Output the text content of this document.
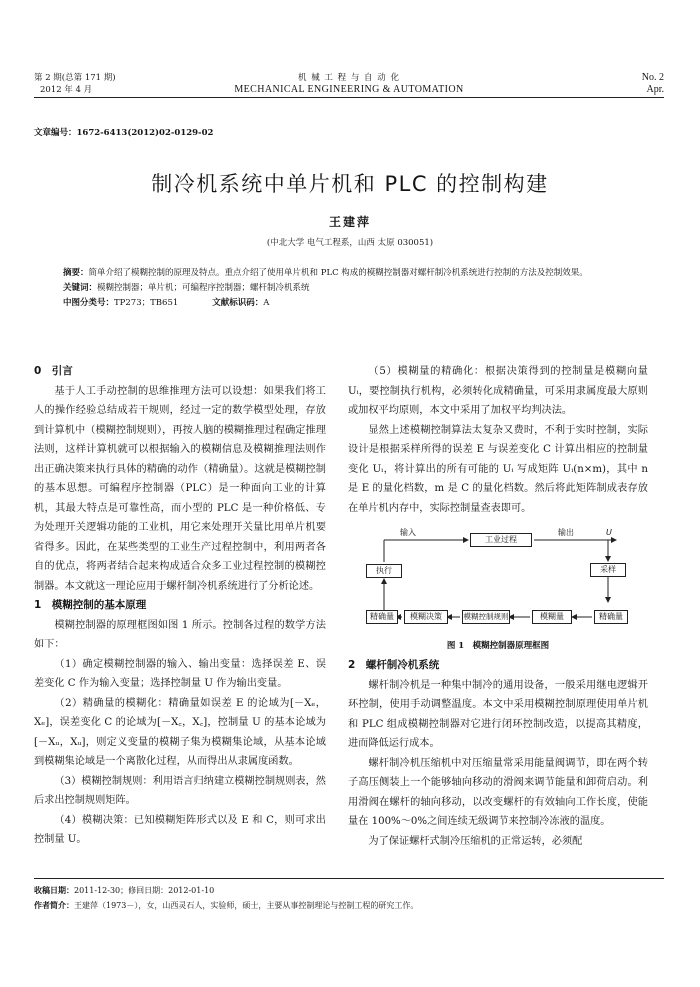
第 2 期(总第 171 期)
2012 年 4 月
机 械 工 程 与 自 动 化
MECHANICAL ENGINEERING & AUTOMATION
No. 2
Apr.
文章编号：1672-6413(2012)02-0129-02
制冷机系统中单片机和 PLC 的控制构建
王建萍
(中北大学 电气工程系，山西 太原 030051)
摘要：简单介绍了模糊控制的原理及特点。重点介绍了使用单片机和 PLC 构成的模糊控制器对螺杆制冷机系统进行控制的方法及控制效果。
关键词：模糊控制器；单片机；可编程序控制器；螺杆制冷机系统
中图分类号：TP273；TB651	文献标识码：A
0　引言

基于人工手动控制的思维推理方法可以设想：如果我们将工人的操作经验总结成若干规则，经过一定的数学模型处理，存放到计算机中（模糊控制规则），再按人脑的模糊推理过程确定推理法则，这样计算机就可以根据输入的模糊信息及模糊推理法则作出正确决策来执行具体的精确的动作（精确量）。这就是模糊控制的基本思想。可编程序控制器（PLC）是一种面向工业的计算机，其最大特点是可靠性高，而小型的 PLC 是一种价格低、专为处理开关逻辑功能的工业机，用它来处理开关量比用单片机要省得多。因此，在某些类型的工业生产过程控制中，利用两者各自的优点，将两者结合起来构成适合众多工业过程控制的模糊控制器。本文就这一理论应用于螺杆制冷机系统进行了分析论述。

1　模糊控制的基本原理

模糊控制器的原理框图如图 1 所示。控制各过程的数学方法如下：

（1）确定模糊控制器的输入、输出变量：选择误差 E、误差变化 C 作为输入变量；选择控制量 U 作为输出变量。

（2）精确量的模糊化：精确量如误差 E 的论域为[－Xₑ，Xₑ]，误差变化 C 的论域为[－X꜀，X꜀]，控制量 U 的基本论域为[－Xᵤ，Xᵤ]，则定义变量的模糊子集为模糊集论域，从基本论域到模糊集论域是一个离散化过程，从而得出从隶属度函数。

（3）模糊控制规则：利用语言归纳建立模糊控制规则表，然后求出控制规则矩阵。

（4）模糊决策：已知模糊矩阵形式以及 E 和 C，则可求出控制量 U。

（5）模糊量的精确化：根据决策得到的控制量是模糊向量 Uᵢ，要控制执行机构，必须转化成精确量，可采用隶属度最大原则或加权平均原则，本文中采用了加权平均判决法。

显然上述模糊控制算法太复杂又费时，不利于实时控制，实际设计是根据采样所得的误差 E 与误差变化 C 计算出相应的控制量变化 Uᵢ，将计算出的所有可能的 Uᵢ 写成矩阵 Uᵢ(n×m)，其中 n 是 E 的量化档数，m 是 C 的量化档数。然后将此矩阵制成表存放在单片机内存中，实际控制量查表即可。

输入
工业过程
输出	U
执行	采样
精确量	模糊决策	模糊控制规则	模糊量	精确量
图 1　模糊控制器原理框图
2　螺杆制冷机系统

螺杆制冷机是一种集中制冷的通用设备，一般采用继电逻辑开环控制，使用手动调整温度。本文中采用模糊控制原理使用单片机和 PLC 组成模糊控制器对它进行闭环控制改造，以提高其精度，进而降低运行成本。

螺杆制冷机压缩机中对压缩量常采用能量阀调节，即在两个转子高压侧装上一个能够轴向移动的滑阀来调节能量和卸荷启动。利用滑阀在螺杆的轴向移动，以改变螺杆的有效轴向工作长度，使能量在 100%～0%之间连续无级调节来控制冷冻液的温度。

为了保证螺杆式制冷压缩机的正常运转，必须配

收稿日期：2011-12-30；修回日期：2012-01-10
作者简介：王建萍（1973－），女，山西灵石人，实验师，硕士，主要从事控制理论与控制工程的研究工作。
